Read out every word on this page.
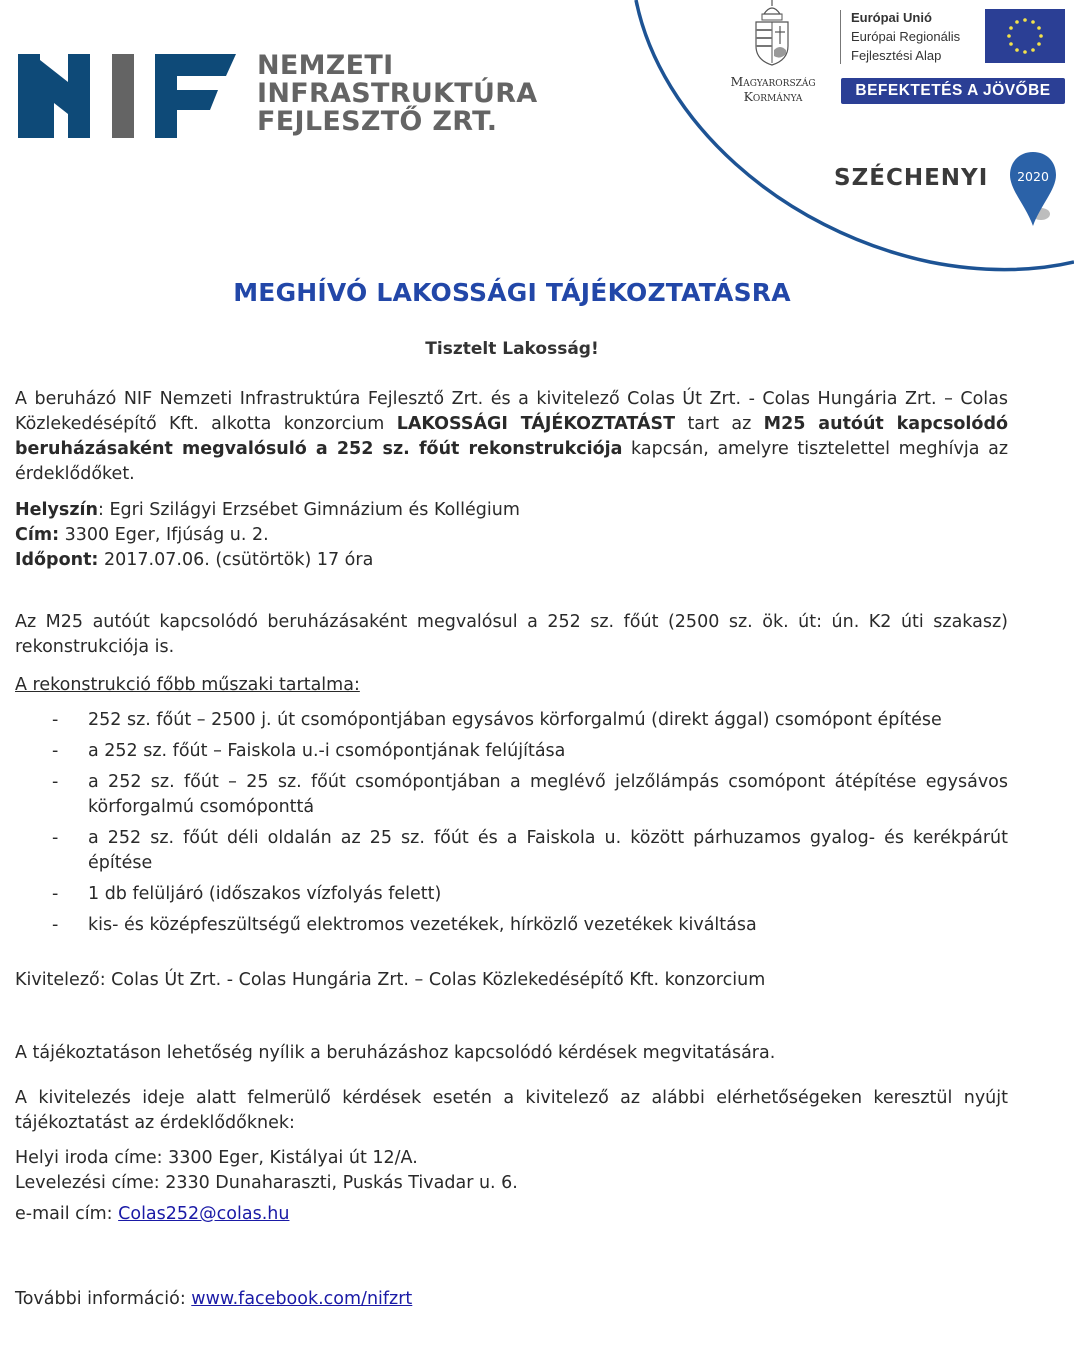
NEMZETI
INFRASTRUKTÚRA
FEJLESZTŐ ZRT.
Magyarország
Kormánya
Európai Unió
Európai Regionális
Fejlesztési Alap
BEFEKTETÉS A JÖVŐBE
SZÉCHENYI 2020
MEGHÍVÓ LAKOSSÁGI TÁJÉKOZTATÁSRA
Tisztelt Lakosság!

A beruházó NIF Nemzeti Infrastruktúra Fejlesztő Zrt. és a kivitelező Colas Út Zrt. - Colas Hungária Zrt. – Colas Közlekedésépítő Kft. alkotta konzorcium LAKOSSÁGI TÁJÉKOZTATÁST tart az M25 autóút kapcsolódó beruházásaként megvalósuló a 252 sz. főút rekonstrukciója kapcsán, amelyre tisztelettel meghívja az érdeklődőket.

Helyszín: Egri Szilágyi Erzsébet Gimnázium és Kollégium
Cím: 3300 Eger, Ifjúság u. 2.
Időpont: 2017.07.06. (csütörtök) 17 óra

Az M25 autóút kapcsolódó beruházásaként megvalósul a 252 sz. főút (2500 sz. ök. út: ún. K2 úti szakasz) rekonstrukciója is.

A rekonstrukció főbb műszaki tartalma:

- 252 sz. főút – 2500 j. út csomópontjában egysávos körforgalmú (direkt ággal) csomópont építése
- a 252 sz. főút – Faiskola u.-i csomópontjának felújítása
- a 252 sz. főút – 25 sz. főút csomópontjában a meglévő jelzőlámpás csomópont átépítése egysávos körforgalmú csomóponttá
- a 252 sz. főút déli oldalán az 25 sz. főút és a Faiskola u. között párhuzamos gyalog- és kerékpárút építése
- 1 db felüljáró (időszakos vízfolyás felett)
- kis- és középfeszültségű elektromos vezetékek, hírközlő vezetékek kiváltása

Kivitelező: Colas Út Zrt. - Colas Hungária Zrt. – Colas Közlekedésépítő Kft. konzorcium

A tájékoztatáson lehetőség nyílik a beruházáshoz kapcsolódó kérdések megvitatására.

A kivitelezés ideje alatt felmerülő kérdések esetén a kivitelező az alábbi elérhetőségeken keresztül nyújt tájékoztatást az érdeklődőknek:

Helyi iroda címe: 3300 Eger, Kistályai út 12/A.
Levelezési címe: 2330 Dunaharaszti, Puskás Tivadar u. 6.
e-mail cím: Colas252@colas.hu
További információ: www.facebook.com/nifzrt
